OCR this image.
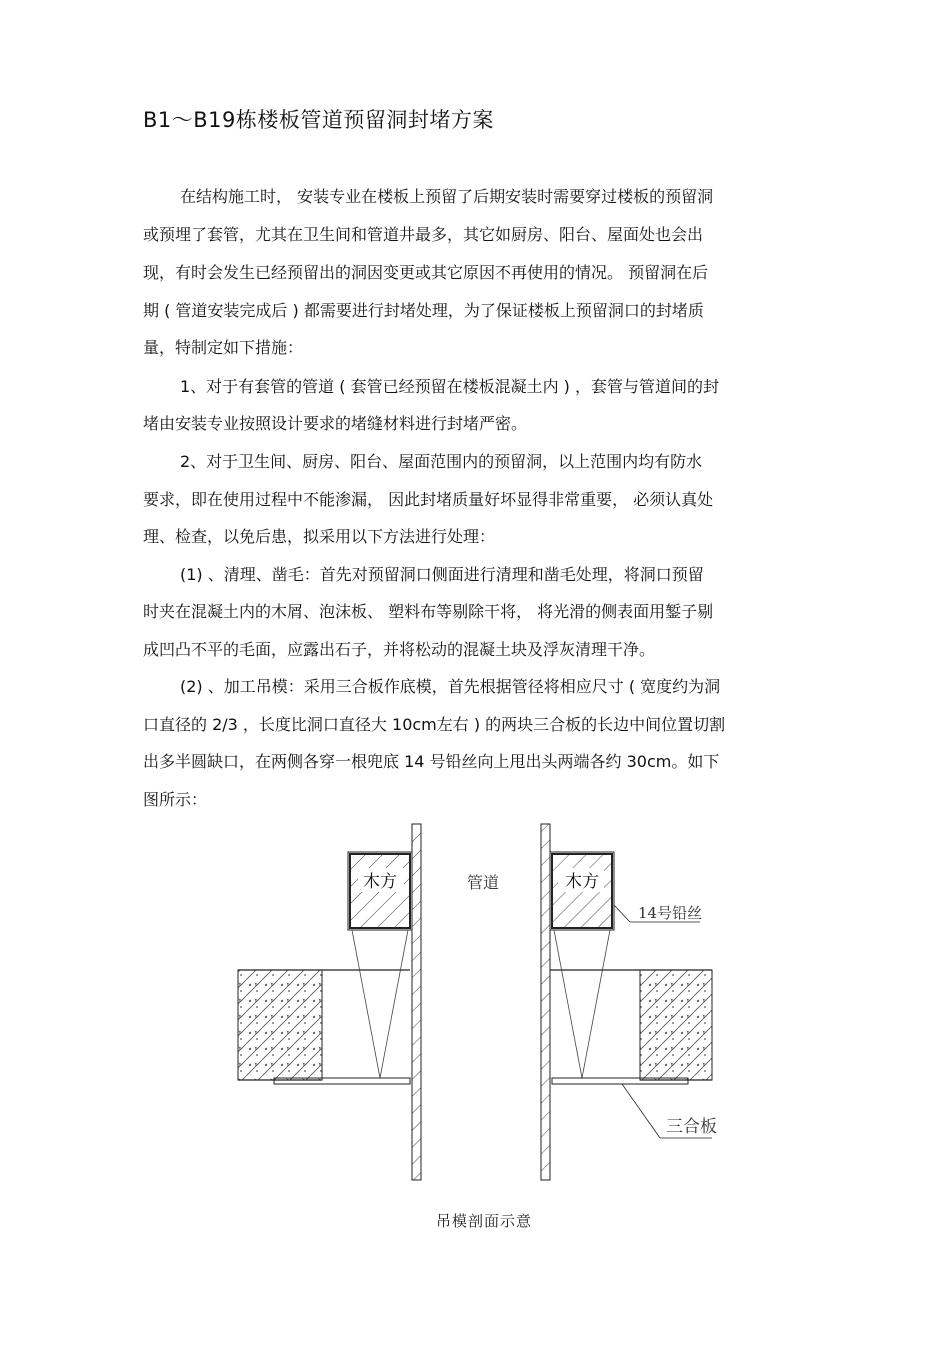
B1～B19栋楼板管道预留洞封堵方案
在结构施工时， 安装专业在楼板上预留了后期安装时需要穿过楼板的预留洞
或预埋了套管，尤其在卫生间和管道井最多，其它如厨房、阳台、屋面处也会出
现，有时会发生已经预留出的洞因变更或其它原因不再使用的情况。 预留洞在后
期 ( 管道安装完成后 ) 都需要进行封堵处理，为了保证楼板上预留洞口的封堵质
量，特制定如下措施：
1、对于有套管的管道 ( 套管已经预留在楼板混凝土内 ) ，套管与管道间的封
堵由安装专业按照设计要求的堵缝材料进行封堵严密。
2、对于卫生间、厨房、阳台、屋面范围内的预留洞，以上范围内均有防水
要求，即在使用过程中不能渗漏， 因此封堵质量好坏显得非常重要， 必须认真处
理、检查，以免后患，拟采用以下方法进行处理：
(1) 、清理、凿毛：首先对预留洞口侧面进行清理和凿毛处理，将洞口预留
时夹在混凝土内的木屑、泡沫板、 塑料布等剔除干将， 将光滑的侧表面用錾子剔
成凹凸不平的毛面，应露出石子，并将松动的混凝土块及浮灰清理干净。
(2) 、加工吊模：采用三合板作底模，首先根据管径将相应尺寸 ( 宽度约为洞
口直径的 2/3 ，长度比洞口直径大 10cm左右 ) 的两块三合板的长边中间位置切割
出多半圆缺口，在两侧各穿一根兜底 14 号铅丝向上甩出头两端各约 30cm。如下
图所示：
木方	管道	木方
14号铅丝
三合板
吊模剖面示意
